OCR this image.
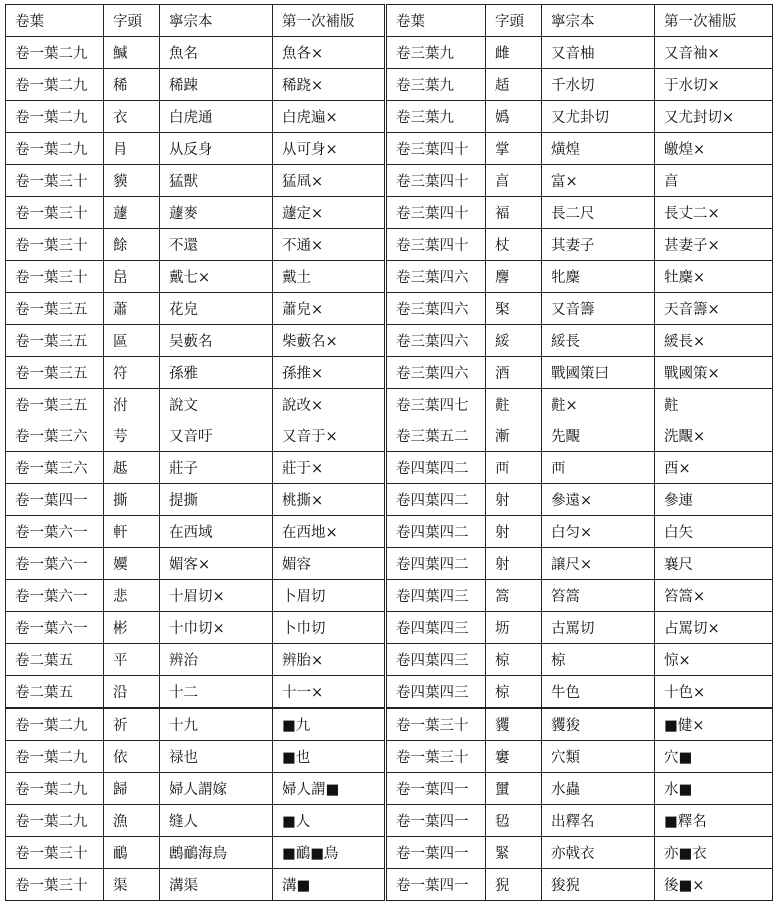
卷葉	字頭	寧宗本	第一次補版	卷葉	字頭	寧宗本	第一次補版
卷一葉二九	鰔	魚名	魚各×	卷三葉九	雌	又音柚	又音袖×
卷一葉二九	稀	稀踈	稀跷×	卷三葉九	趏	千水切	于水切×
卷一葉二九	衣	白虎通	白虎遍×	卷三葉九	嬀	又尤卦切	又尤封切×
卷一葉二九	肙	从反身	从可身×	卷三葉四十	掌	熿煌	皦煌×
卷一葉三十	貘	猛獸	猛凮×	卷三葉四十	亯	富×	亯
卷一葉三十	蘧	蘧麥	蘧定×	卷三葉四十	褔	長二尺	長丈二×
卷一葉三十	餘	不還	不通×	卷三葉四十	杖	其妻子	甚妻子×
卷一葉三十	峊	戴七×	戴土	卷三葉四六	麐	牝麇	牡麇×
卷一葉三五	蕭	花皃	蕭皃×	卷三葉四六	棸	又音籌	天音籌×
卷一葉三五	區	吴藪名	柴藪名×	卷三葉四六	綏	綏長	緩長×
卷一葉三五	符	孫雅	孫推×	卷三葉四六	酒	戰國策曰	戰國策×
卷一葉三五	泭	說文	說改×	卷三葉四七	黈	黈×	黈
卷一葉三六	芌	又音吁	又音于×	卷三葉五二	漸	先覸	洗覸×
卷一葉三六	趆	莊子	莊于×	卷四葉四二	襾	襾	酉×
卷一葉四一	撕	提撕	桃撕×	卷四葉四二	射	參遠×	參連
卷一葉六一	軒	在西域	在西地×	卷四葉四二	射	白匀×	白矢
卷一葉六一	嬽	媚客×	媚容	卷四葉四二	射	譲尺×	襄尺
卷一葉六一	悲	十眉切×	卜眉切	卷四葉四三	篙	笞篙	笞篙×
卷一葉六一	彬	十巾切×	卜巾切	卷四葉四三	坜	古罵切	占罵切×
卷二葉五	平	辨治	辨胎×	卷四葉四三	椋	椋	惊×
卷二葉五	沿	十二	十一×	卷四葉四三	椋	牛色	十色×
卷一葉二九	祈	十九	■九	卷一葉三十	貜	貜狻	■健×
卷一葉二九	依	禄也	■也	卷一葉三十	窶	穴類	穴■
卷一葉二九	歸	婦人謂嫁	婦人謂■	卷一葉四一	蠒	水蟲	水■
卷一葉二九	漁	缝人	■人	卷一葉四一	㲌	出釋名	■釋名
卷一葉三十	鴯	鶶鴯海鳥	■鴯■鳥	卷一葉四一	緊	亦戟衣	亦■衣
卷一葉三十	渠	溝渠	溝■	卷一葉四一	猊	狻猊	後■×
